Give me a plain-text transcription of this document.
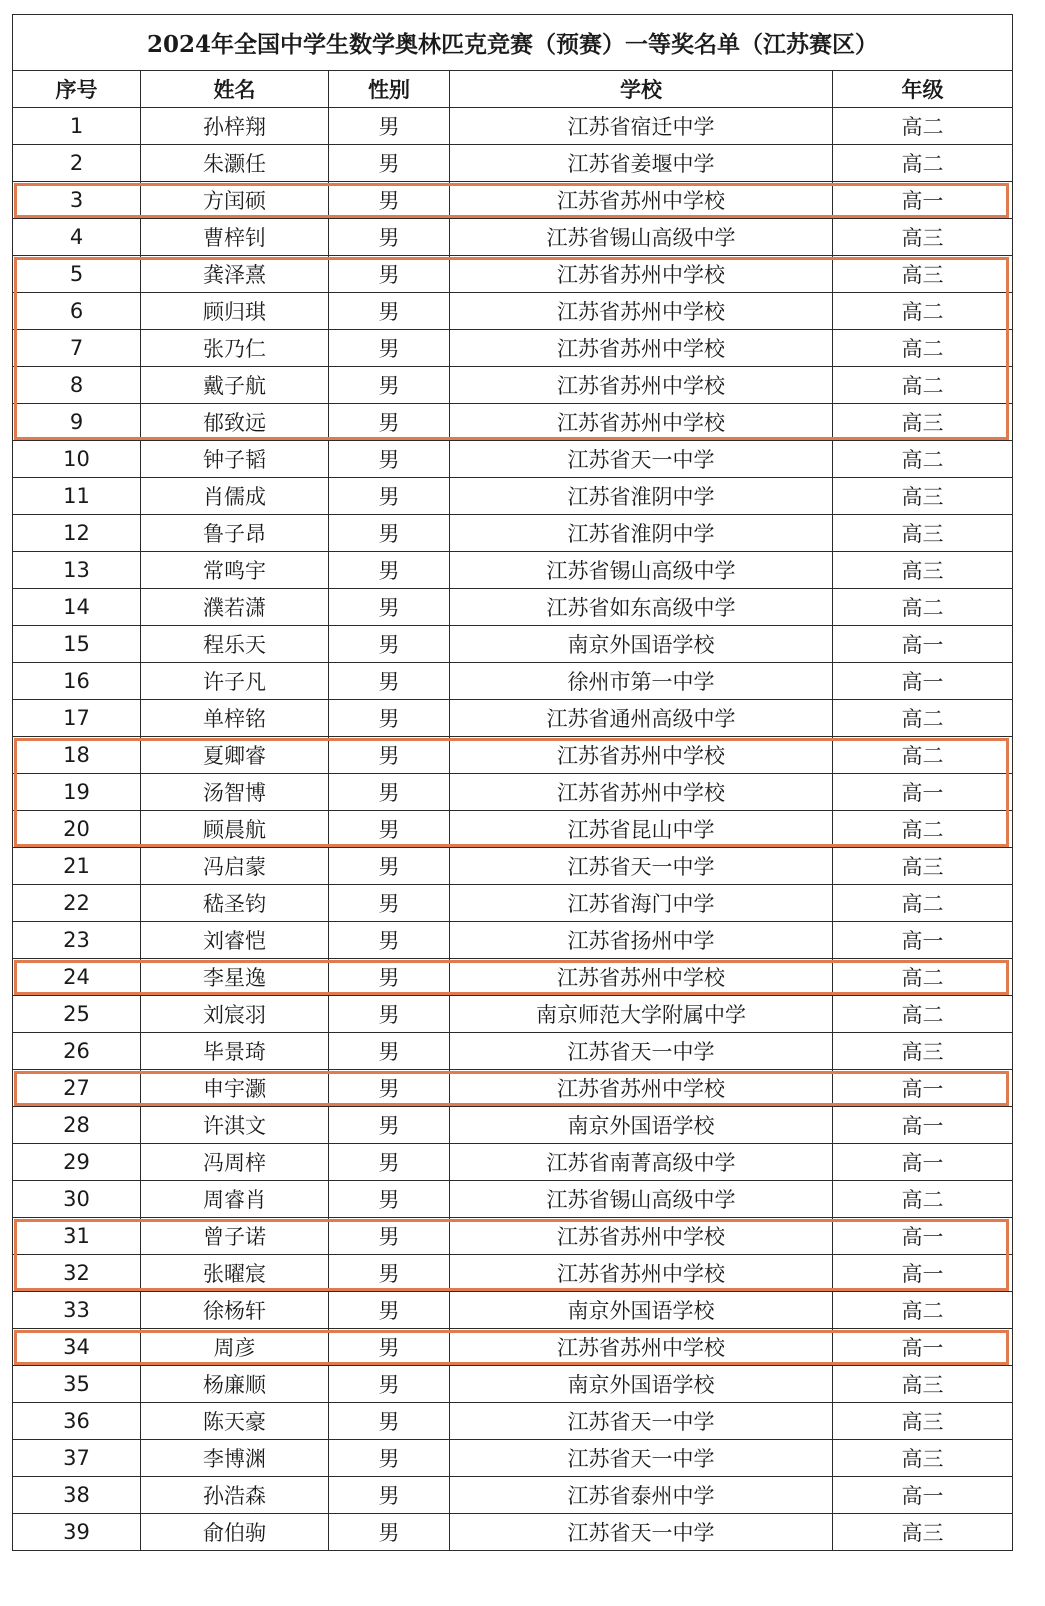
2024年全国中学生数学奥林匹克竞赛（预赛）一等奖名单（江苏赛区）				
序号	姓名	性别	学校	年级
1	孙梓翔	男	江苏省宿迁中学	高二
2	朱灏任	男	江苏省姜堰中学	高二
3	方闰硕	男	江苏省苏州中学校	高一
4	曹梓钊	男	江苏省锡山高级中学	高三
5	龚泽熹	男	江苏省苏州中学校	高三
6	顾归琪	男	江苏省苏州中学校	高二
7	张乃仁	男	江苏省苏州中学校	高二
8	戴子航	男	江苏省苏州中学校	高二
9	郁致远	男	江苏省苏州中学校	高三
10	钟子韬	男	江苏省天一中学	高二
11	肖儒成	男	江苏省淮阴中学	高三
12	鲁子昂	男	江苏省淮阴中学	高三
13	常鸣宇	男	江苏省锡山高级中学	高三
14	濮若潇	男	江苏省如东高级中学	高二
15	程乐天	男	南京外国语学校	高一
16	许子凡	男	徐州市第一中学	高一
17	单梓铭	男	江苏省通州高级中学	高二
18	夏卿睿	男	江苏省苏州中学校	高二
19	汤智博	男	江苏省苏州中学校	高一
20	顾晨航	男	江苏省昆山中学	高二
21	冯启蒙	男	江苏省天一中学	高三
22	嵇圣钧	男	江苏省海门中学	高二
23	刘睿恺	男	江苏省扬州中学	高一
24	李星逸	男	江苏省苏州中学校	高二
25	刘宸羽	男	南京师范大学附属中学	高二
26	毕景琦	男	江苏省天一中学	高三
27	申宇灏	男	江苏省苏州中学校	高一
28	许淇文	男	南京外国语学校	高一
29	冯周梓	男	江苏省南菁高级中学	高一
30	周睿肖	男	江苏省锡山高级中学	高二
31	曾子诺	男	江苏省苏州中学校	高一
32	张曜宸	男	江苏省苏州中学校	高一
33	徐杨轩	男	南京外国语学校	高二
34	周彦	男	江苏省苏州中学校	高一
35	杨廉顺	男	南京外国语学校	高三
36	陈天豪	男	江苏省天一中学	高三
37	李博渊	男	江苏省天一中学	高三
38	孙浩森	男	江苏省泰州中学	高一
39	俞伯驹	男	江苏省天一中学	高三
